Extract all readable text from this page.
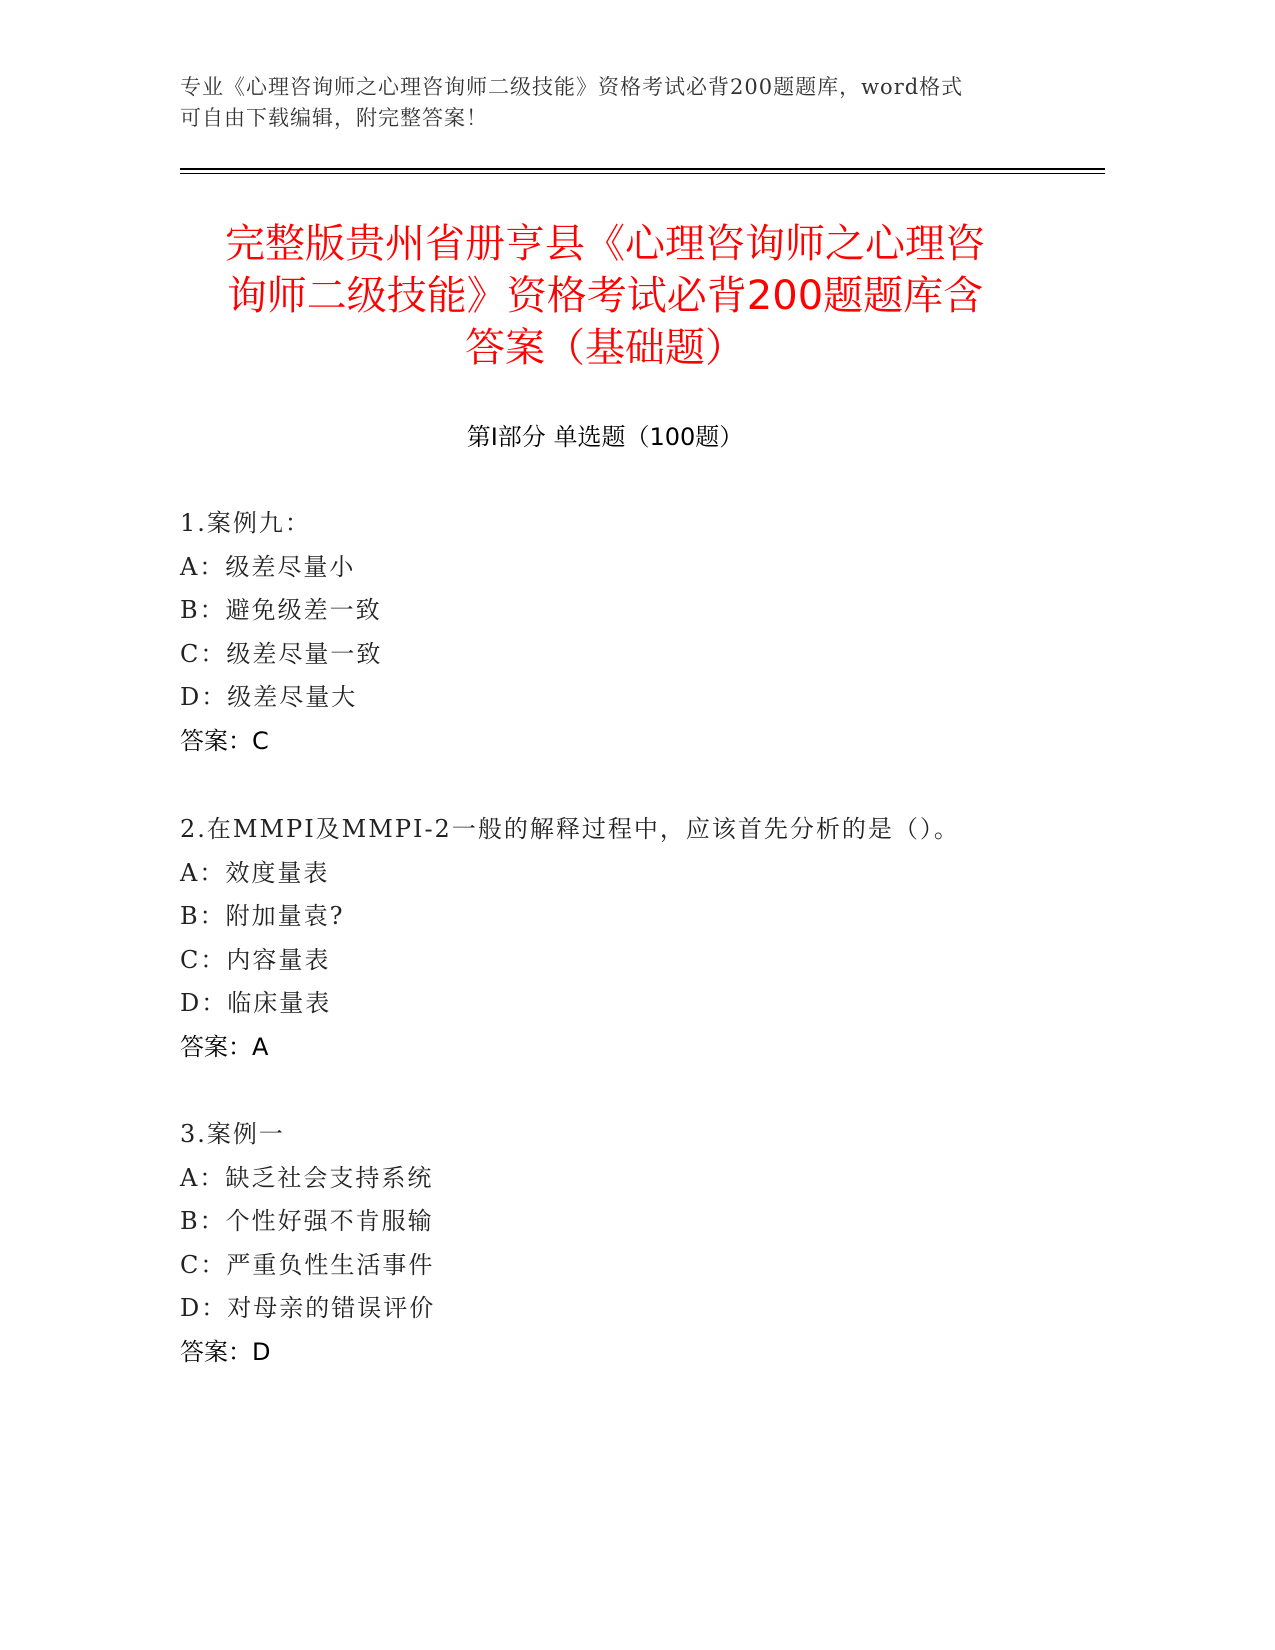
专业《心理咨询师之心理咨询师二级技能》资格考试必背200题题库，word格式
可自由下载编辑，附完整答案！
完整版贵州省册亨县《心理咨询师之心理咨
询师二级技能》资格考试必背200题题库含
答案（基础题）
第Ⅰ部分 单选题（100题）
1.案例九：
A：级差尽量小
B：避免级差一致
C：级差尽量一致
D：级差尽量大
答案：C
2.在MMPI及MMPI-2一般的解释过程中，应该首先分析的是（）。
A：效度量表
B：附加量袁?
C：内容量表
D：临床量表
答案：A
3.案例一
A：缺乏社会支持系统
B：个性好强不肯服输
C：严重负性生活事件
D：对母亲的错误评价
答案：D
